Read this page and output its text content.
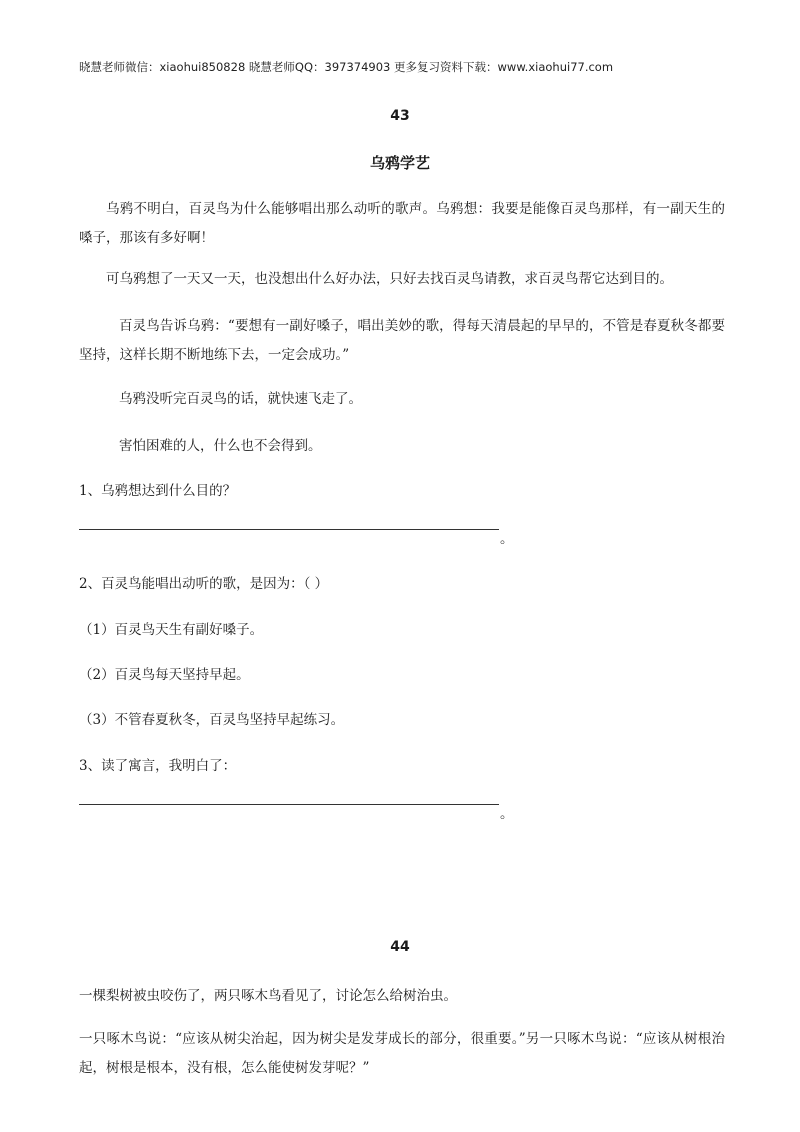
晓慧老师微信：xiaohui850828 晓慧老师QQ：397374903 更多复习资料下载：www.xiaohui77.com
43
乌鸦学艺
乌鸦不明白，百灵鸟为什么能够唱出那么动听的歌声。乌鸦想：我要是能像百灵鸟那样，有一副天生的嗓子，那该有多好啊！
可乌鸦想了一天又一天，也没想出什么好办法，只好去找百灵鸟请教，求百灵鸟帮它达到目的。
百灵鸟告诉乌鸦：“要想有一副好嗓子，唱出美妙的歌，得每天清晨起的早早的，不管是春夏秋冬都要坚持，这样长期不断地练下去，一定会成功。”
乌鸦没听完百灵鸟的话，就快速飞走了。
害怕困难的人，什么也不会得到。
1、乌鸦想达到什么目的？
。
2、百灵鸟能唱出动听的歌，是因为：（ ）
（1）百灵鸟天生有副好嗓子。
（2）百灵鸟每天坚持早起。
（3）不管春夏秋冬，百灵鸟坚持早起练习。
3、读了寓言，我明白了：
。
44
一棵梨树被虫咬伤了，两只啄木鸟看见了，讨论怎么给树治虫。
一只啄木鸟说：“应该从树尖治起，因为树尖是发芽成长的部分，很重要。”另一只啄木鸟说：“应该从树根治起，树根是根本，没有根，怎么能使树发芽呢？”
